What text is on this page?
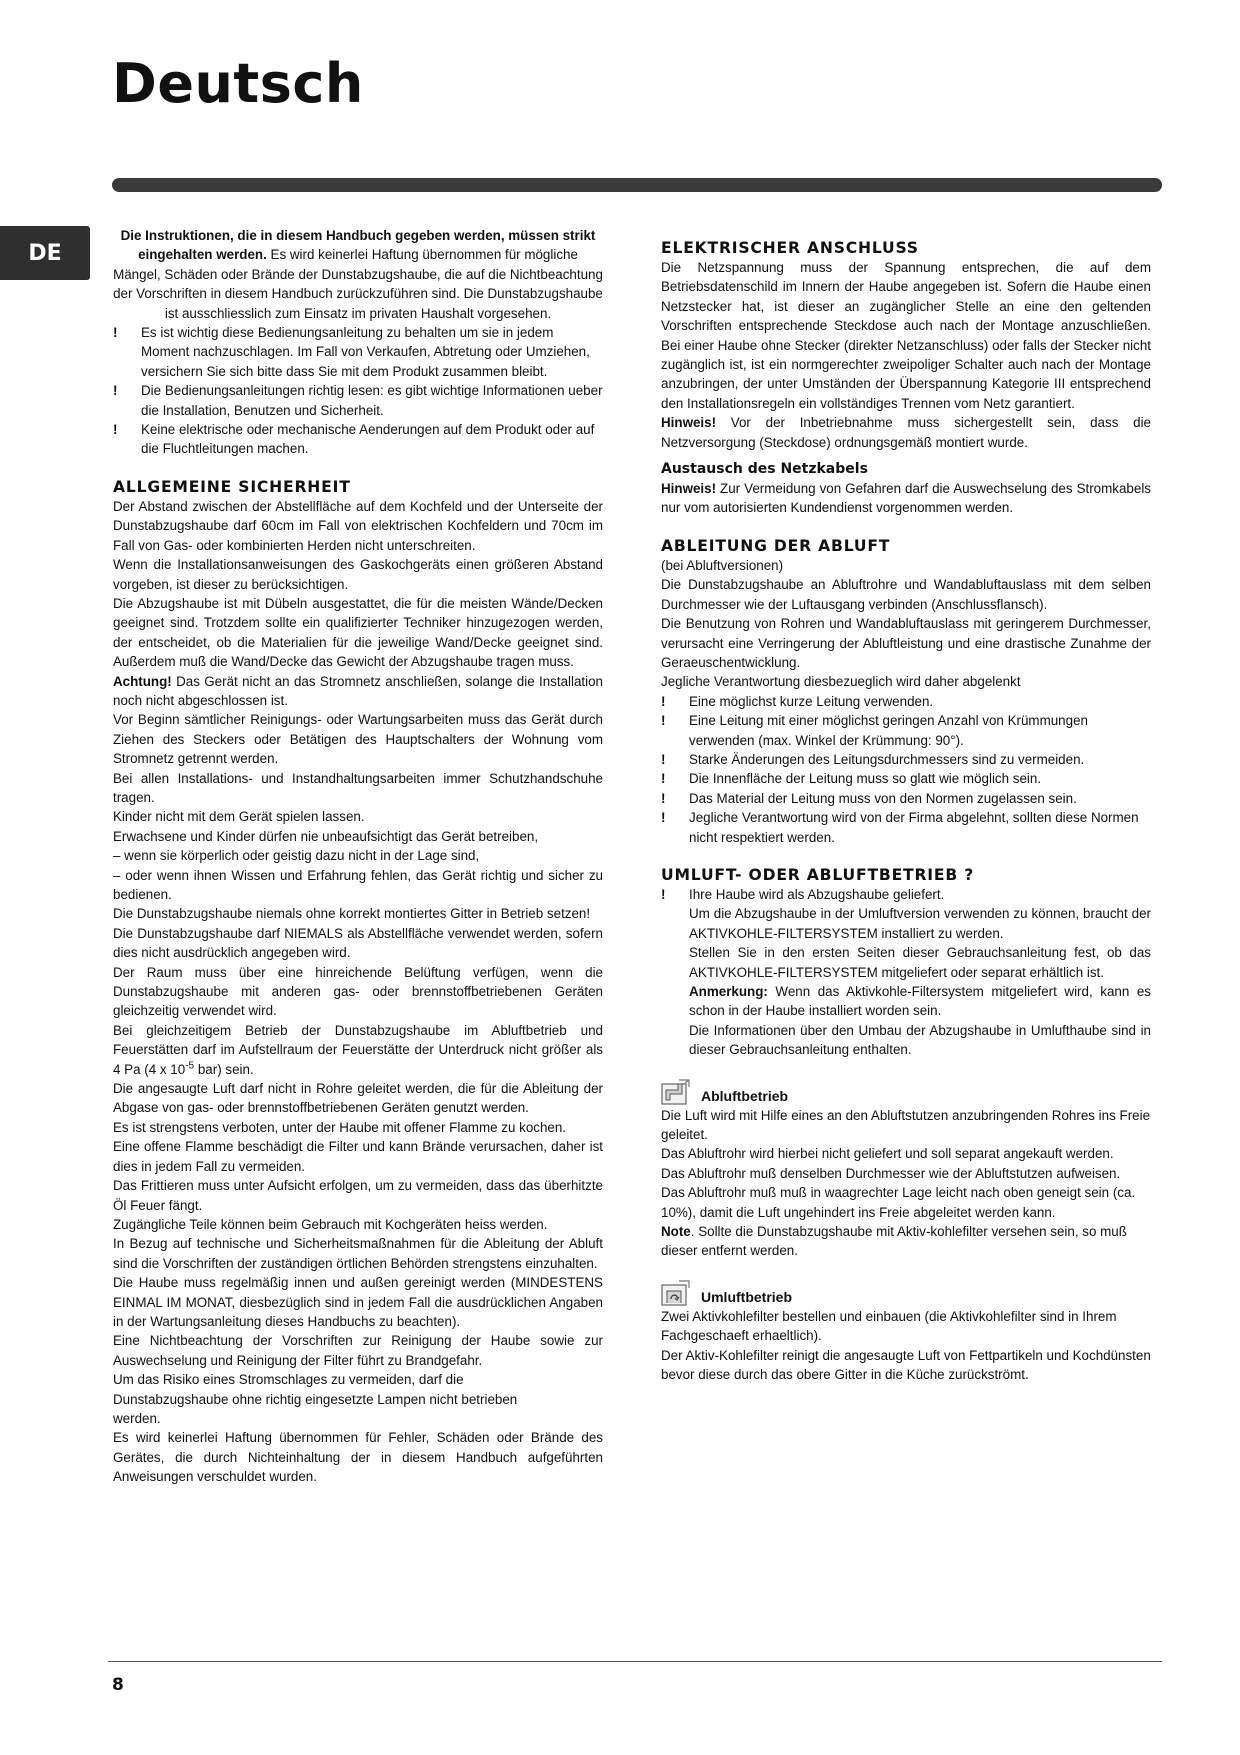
Deutsch
DE

Die Instruktionen, die in diesem Handbuch gegeben werden, müssen strikt eingehalten werden. Es wird keinerlei Haftung übernommen für mögliche Mängel, Schäden oder Brände der Dunstabzugshaube, die auf die Nichtbeachtung der Vorschriften in diesem Handbuch zurückzuführen sind. Die Dunstabzugshaube ist ausschliesslich zum Einsatz im privaten Haushalt vorgesehen.

!	Es ist wichtig diese Bedienungsanleitung zu behalten um sie in jedem Moment nachzuschlagen. Im Fall von Verkaufen, Abtretung oder Umziehen, versichern Sie sich bitte dass Sie mit dem Produkt zusammen bleibt.
!	Die Bedienungsanleitungen richtig lesen: es gibt wichtige Informationen ueber die Installation, Benutzen und Sicherheit.
!	Keine elektrische oder mechanische Aenderungen auf dem Produkt oder auf die Fluchtleitungen machen.
ALLGEMEINE SICHERHEIT

Der Abstand zwischen der Abstellfläche auf dem Kochfeld und der Unterseite der Dunstabzugshaube darf 60cm im Fall von elektrischen Kochfeldern und 70cm im Fall von Gas- oder kombinierten Herden nicht unterschreiten.

Wenn die Installationsanweisungen des Gaskochgeräts einen größeren Abstand vorgeben, ist dieser zu berücksichtigen.

Die Abzugshaube ist mit Dübeln ausgestattet, die für die meisten Wände/Decken geeignet sind. Trotzdem sollte ein qualifizierter Techniker hinzugezogen werden, der entscheidet, ob die Materialien für die jeweilige Wand/Decke geeignet sind. Außerdem muß die Wand/Decke das Gewicht der Abzugshaube tragen muss.

Achtung! Das Gerät nicht an das Stromnetz anschließen, solange die Installation noch nicht abgeschlossen ist.

Vor Beginn sämtlicher Reinigungs- oder Wartungsarbeiten muss das Gerät durch Ziehen des Steckers oder Betätigen des Hauptschalters der Wohnung vom Stromnetz getrennt werden.

Bei allen Installations- und Instandhaltungsarbeiten immer Schutzhandschuhe tragen.

Kinder nicht mit dem Gerät spielen lassen.

Erwachsene und Kinder dürfen nie unbeaufsichtigt das Gerät betreiben,

– wenn sie körperlich oder geistig dazu nicht in der Lage sind,

– oder wenn ihnen Wissen und Erfahrung fehlen, das Gerät richtig und sicher zu bedienen.

Die Dunstabzugshaube niemals ohne korrekt montiertes Gitter in Betrieb setzen!

Die Dunstabzugshaube darf NIEMALS als Abstellfläche verwendet werden, sofern dies nicht ausdrücklich angegeben wird.

Der Raum muss über eine hinreichende Belüftung verfügen, wenn die Dunstabzugshaube mit anderen gas- oder brennstoffbetriebenen Geräten gleichzeitig verwendet wird.

Bei gleichzeitigem Betrieb der Dunstabzugshaube im Abluftbetrieb und Feuerstätten darf im Aufstellraum der Feuerstätte der Unterdruck nicht größer als 4 Pa (4 x $10^{-5}$ bar) sein.

Die angesaugte Luft darf nicht in Rohre geleitet werden, die für die Ableitung der Abgase von gas- oder brennstoffbetriebenen Geräten genutzt werden.

Es ist strengstens verboten, unter der Haube mit offener Flamme zu kochen.

Eine offene Flamme beschädigt die Filter und kann Brände verursachen, daher ist dies in jedem Fall zu vermeiden.

Das Frittieren muss unter Aufsicht erfolgen, um zu vermeiden, dass das überhitzte Öl Feuer fängt.

Zugängliche Teile können beim Gebrauch mit Kochgeräten heiss werden.

In Bezug auf technische und Sicherheitsmaßnahmen für die Ableitung der Abluft sind die Vorschriften der zuständigen örtlichen Behörden strengstens einzuhalten.

Die Haube muss regelmäßig innen und außen gereinigt werden (MINDESTENS EINMAL IM MONAT, diesbezüglich sind in jedem Fall die ausdrücklichen Angaben in der Wartungsanleitung dieses Handbuchs zu beachten).

Eine Nichtbeachtung der Vorschriften zur Reinigung der Haube sowie zur Auswechselung und Reinigung der Filter führt zu Brandgefahr.

Um das Risiko eines Stromschlages zu vermeiden, darf die

Dunstabzugshaube ohne richtig eingesetzte Lampen nicht betrieben

werden.

Es wird keinerlei Haftung übernommen für Fehler, Schäden oder Brände des Gerätes, die durch Nichteinhaltung der in diesem Handbuch aufgeführten Anweisungen verschuldet wurden.

ELEKTRISCHER ANSCHLUSS

Die Netzspannung muss der Spannung entsprechen, die auf dem Betriebsdatenschild im Innern der Haube angegeben ist. Sofern die Haube einen Netzstecker hat, ist dieser an zugänglicher Stelle an eine den geltenden Vorschriften entsprechende Steckdose auch nach der Montage anzuschließen. Bei einer Haube ohne Stecker (direkter Netzanschluss) oder falls der Stecker nicht zugänglich ist, ist ein normgerechter zweipoliger Schalter auch nach der Montage anzubringen, der unter Umständen der Überspannung Kategorie III entsprechend den Installationsregeln ein vollständiges Trennen vom Netz garantiert.

Hinweis! Vor der Inbetriebnahme muss sichergestellt sein, dass die Netzversorgung (Steckdose) ordnungsgemäß montiert wurde.

Austausch des Netzkabels

Hinweis! Zur Vermeidung von Gefahren darf die Auswechselung des Stromkabels nur vom autorisierten Kundendienst vorgenommen werden.

ABLEITUNG DER ABLUFT

(bei Abluftversionen)

Die Dunstabzugshaube an Abluftrohre und Wandabluftauslass mit dem selben Durchmesser wie der Luftausgang verbinden (Anschlussflansch).

Die Benutzung von Rohren und Wandabluftauslass mit geringerem Durchmesser, verursacht eine Verringerung der Abluftleistung und eine drastische Zunahme der Geraeuschentwicklung.

Jegliche Verantwortung diesbezueglich wird daher abgelenkt

!	Eine möglichst kurze Leitung verwenden.
!	Eine Leitung mit einer möglichst geringen Anzahl von Krümmungen verwenden (max. Winkel der Krümmung: 90°).
!	Starke Änderungen des Leitungsdurchmessers sind zu vermeiden.
!	Die Innenfläche der Leitung muss so glatt wie möglich sein.
!	Das Material der Leitung muss von den Normen zugelassen sein.
!	Jegliche Verantwortung wird von der Firma abgelehnt, sollten diese Normen nicht respektiert werden.
UMLUFT- ODER ABLUFTBETRIEB ?
!	Ihre Haube wird als Abzugshaube geliefert.

Um die Abzugshaube in der Umluftversion verwenden zu können, braucht der AKTIVKOHLE-FILTERSYSTEM installiert zu werden.

Stellen Sie in den ersten Seiten dieser Gebrauchsanleitung fest, ob das AKTIVKOHLE-FILTERSYSTEM mitgeliefert oder separat erhältlich ist.

Anmerkung: Wenn das Aktivkohle-Filtersystem mitgeliefert wird, kann es schon in der Haube installiert worden sein.

Die Informationen über den Umbau der Abzugshaube in Umlufthaube sind in dieser Gebrauchsanleitung enthalten.

Abluftbetrieb

Die Luft wird mit Hilfe eines an den Abluftstutzen anzubringenden Rohres ins Freie geleitet.

Das Abluftrohr wird hierbei nicht geliefert und soll separat angekauft werden.

Das Abluftrohr muß denselben Durchmesser wie der Abluftstutzen aufweisen.

Das Abluftrohr muß muß in waagrechter Lage leicht nach oben geneigt sein (ca. 10%), damit die Luft ungehindert ins Freie abgeleitet werden kann.

Note. Sollte die Dunstabzugshaube mit Aktiv-kohlefilter versehen sein, so muß dieser entfernt werden.

Umluftbetrieb

Zwei Aktivkohlefilter bestellen und einbauen (die Aktivkohlefilter sind in Ihrem Fachgeschaeft erhaeltlich).

Der Aktiv-Kohlefilter reinigt die angesaugte Luft von Fettpartikeln und Kochdünsten bevor diese durch das obere Gitter in die Küche zurückströmt.

8
